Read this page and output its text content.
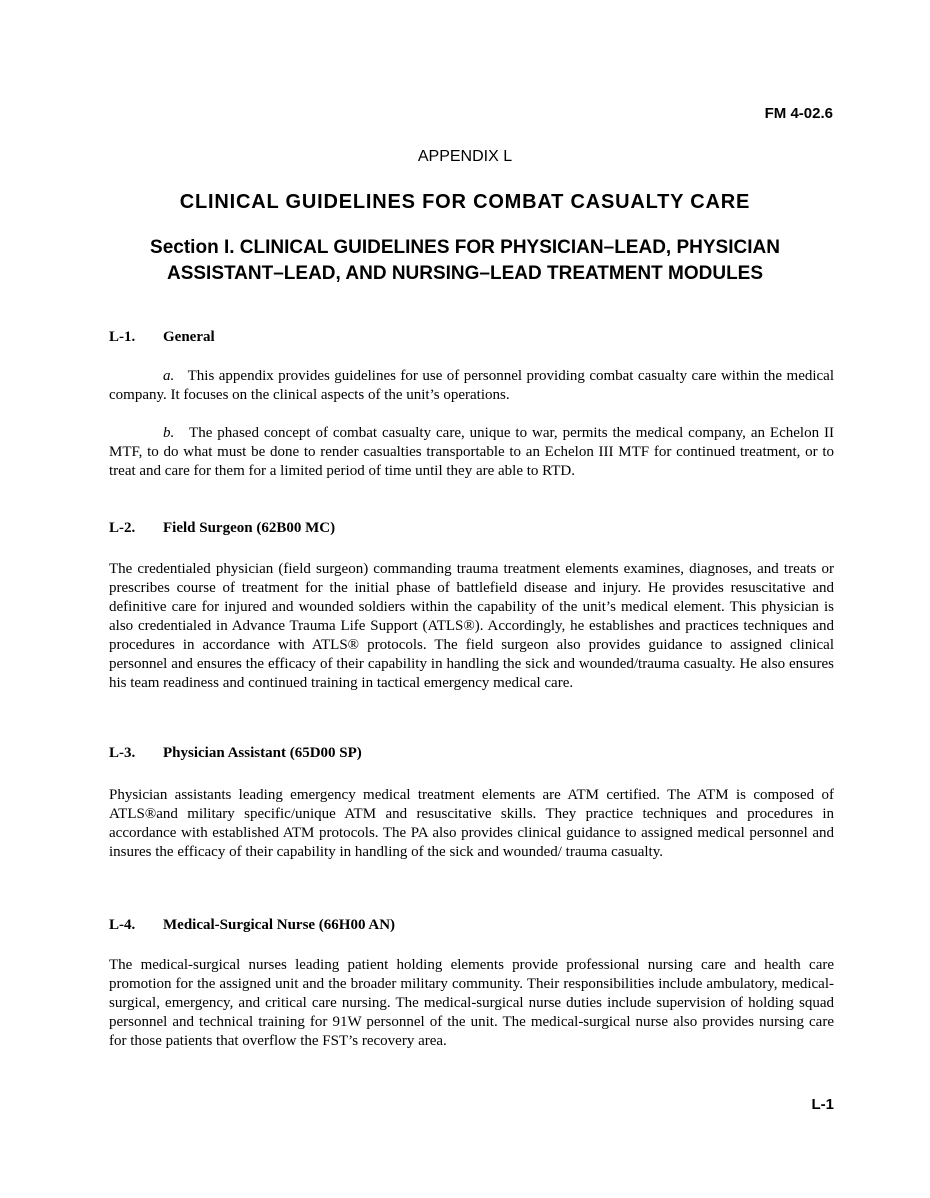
FM 4-02.6
APPENDIX L
CLINICAL GUIDELINES FOR COMBAT CASUALTY CARE
Section I. CLINICAL GUIDELINES FOR PHYSICIAN–LEAD, PHYSICIAN
ASSISTANT–LEAD, AND NURSING–LEAD TREATMENT MODULES
L-1. General
a. This appendix provides guidelines for use of personnel providing combat casualty care within the medical company. It focuses on the clinical aspects of the unit’s operations.
b. The phased concept of combat casualty care, unique to war, permits the medical company, an Echelon II MTF, to do what must be done to render casualties transportable to an Echelon III MTF for continued treatment, or to treat and care for them for a limited period of time until they are able to RTD.
L-2. Field Surgeon (62B00 MC)
The credentialed physician (field surgeon) commanding trauma treatment elements examines, diagnoses, and treats or prescribes course of treatment for the initial phase of battlefield disease and injury. He provides resuscitative and definitive care for injured and wounded soldiers within the capability of the unit’s medical element. This physician is also credentialed in Advance Trauma Life Support (ATLS®). Accordingly, he establishes and practices techniques and procedures in accordance with ATLS® protocols. The field surgeon also provides guidance to assigned clinical personnel and ensures the efficacy of their capability in handling the sick and wounded/trauma casualty. He also ensures his team readiness and continued training in tactical emergency medical care.
L-3. Physician Assistant (65D00 SP)
Physician assistants leading emergency medical treatment elements are ATM certified. The ATM is composed of ATLS®and military specific/unique ATM and resuscitative skills. They practice techniques and procedures in accordance with established ATM protocols. The PA also provides clinical guidance to assigned medical personnel and insures the efficacy of their capability in handling of the sick and wounded/ trauma casualty.
L-4. Medical-Surgical Nurse (66H00 AN)
The medical-surgical nurses leading patient holding elements provide professional nursing care and health care promotion for the assigned unit and the broader military community. Their responsibilities include ambulatory, medical-surgical, emergency, and critical care nursing. The medical-surgical nurse duties include supervision of holding squad personnel and technical training for 91W personnel of the unit. The medical-surgical nurse also provides nursing care for those patients that overflow the FST’s recovery area.
L-1
